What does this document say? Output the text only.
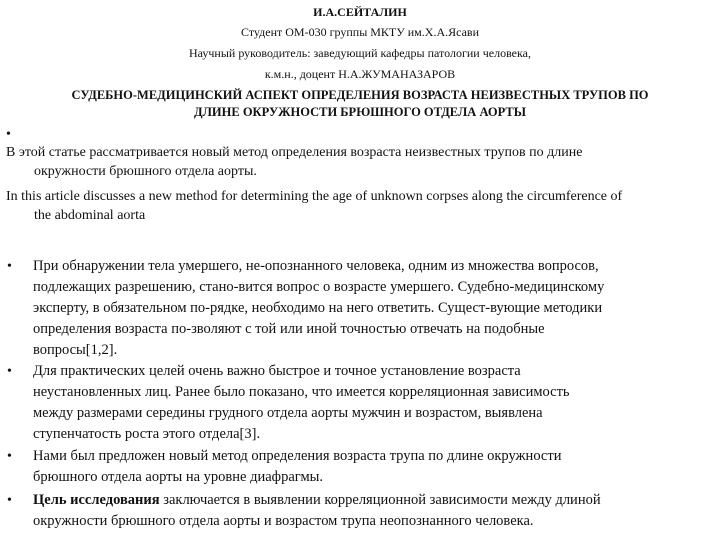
И.А.СЕЙТАЛИН
Студент ОМ-030 группы МКТУ им.Х.А.Ясави
Научный руководитель: заведующий кафедры патологии человека,
к.м.н., доцент Н.А.ЖУМАНАЗАРОВ
СУДЕБНО-МЕДИЦИНСКИЙ АСПЕКТ ОПРЕДЕЛЕНИЯ ВОЗРАСТА НЕИЗВЕСТНЫХ ТРУПОВ ПО
ДЛИНЕ ОКРУЖНОСТИ БРЮШНОГО ОТДЕЛА АОРТЫ
•
В этой статье рассматривается новый метод определения возраста неизвестных трупов по длине
окружности брюшного отдела аорты.
In this article discusses a new method for determining the age of unknown corpses along the circumference of
the abdominal aorta
• При обнаружении тела умершего, не-опознанного человека, одним из множества вопросов,
подлежащих разрешению, стано-вится вопрос о возрасте умершего. Судебно-медицинскому
эксперту, в обязательном по-рядке, необходимо на него ответить. Сущест-вующие методики
определения возраста по-зволяют с той или иной точностью отвечать на подобные
вопросы[1,2].
• Для практических целей очень важно быстрое и точное установление возраста
неустановленных лиц. Ранее было показано, что имеется корреляционная зависимость
между размерами середины грудного отдела аорты мужчин и возрастом, выявлена
ступенчатость роста этого отдела[3].
• Нами был предложен новый метод определения возраста трупа по длине окружности
брюшного отдела аорты на уровне диафрагмы.
• Цель исследования заключается в выявлении корреляционной зависимости между длиной
окружности брюшного отдела аорты и возрастом трупа неопознанного человека.
